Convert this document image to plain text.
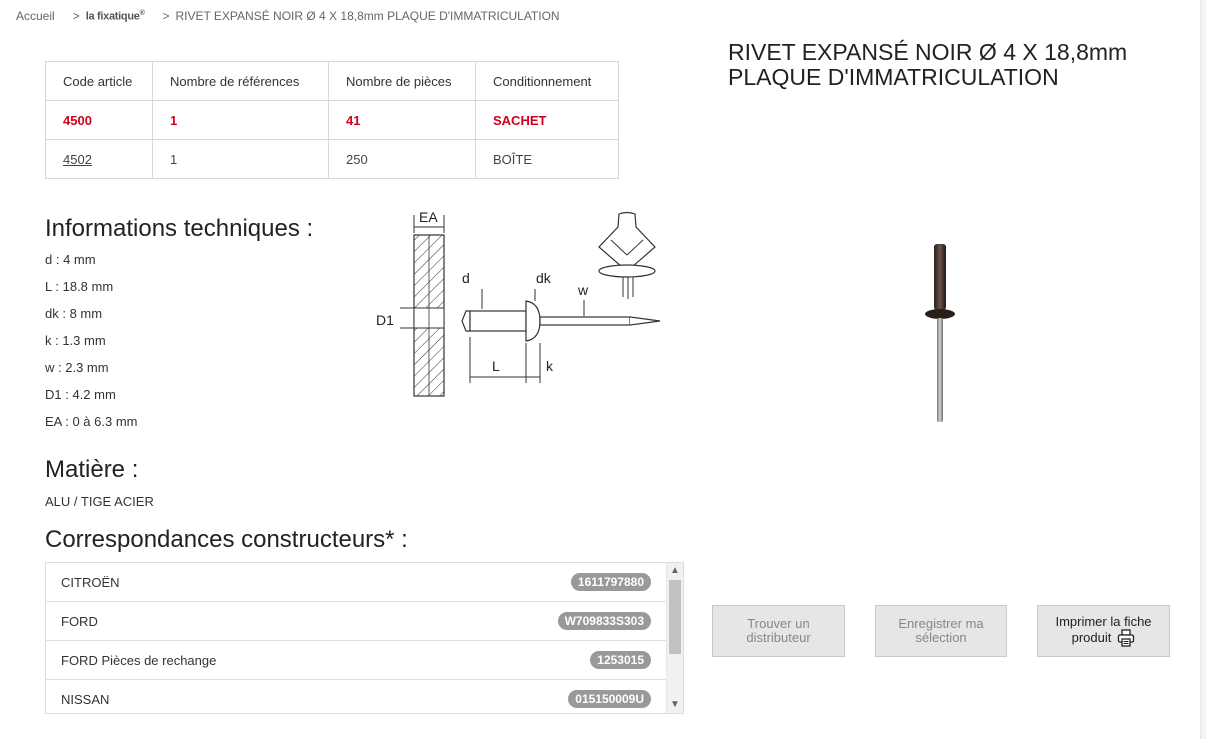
Accueil > la fixatique® > RIVET EXPANSÉ NOIR Ø 4 X 18,8mm PLAQUE D'IMMATRICULATION
Code article	Nombre de références	Nombre de pièces	Conditionnement
4500	1	41	SACHET
4502	1	250	BOÎTE
RIVET EXPANSÉ NOIR Ø 4 X 18,8mm
PLAQUE D'IMMATRICULATION
Informations techniques :
d : 4 mm
L : 18.8 mm
dk : 8 mm
k : 1.3 mm
w : 2.3 mm
D1 : 4.2 mm
EA : 0 à 6.3 mm
EA
D1
d	dk
w
L	k
Matière :
ALU / TIGE ACIER
Correspondances constructeurs* :
CITROËN	1611797880
FORD	W709833S303
FORD Pièces de rechange	1253015
NISSAN	015150009U
▲
▼
Trouver un
distributeur
Enregistrer ma
sélection
Imprimer la fiche
produit
